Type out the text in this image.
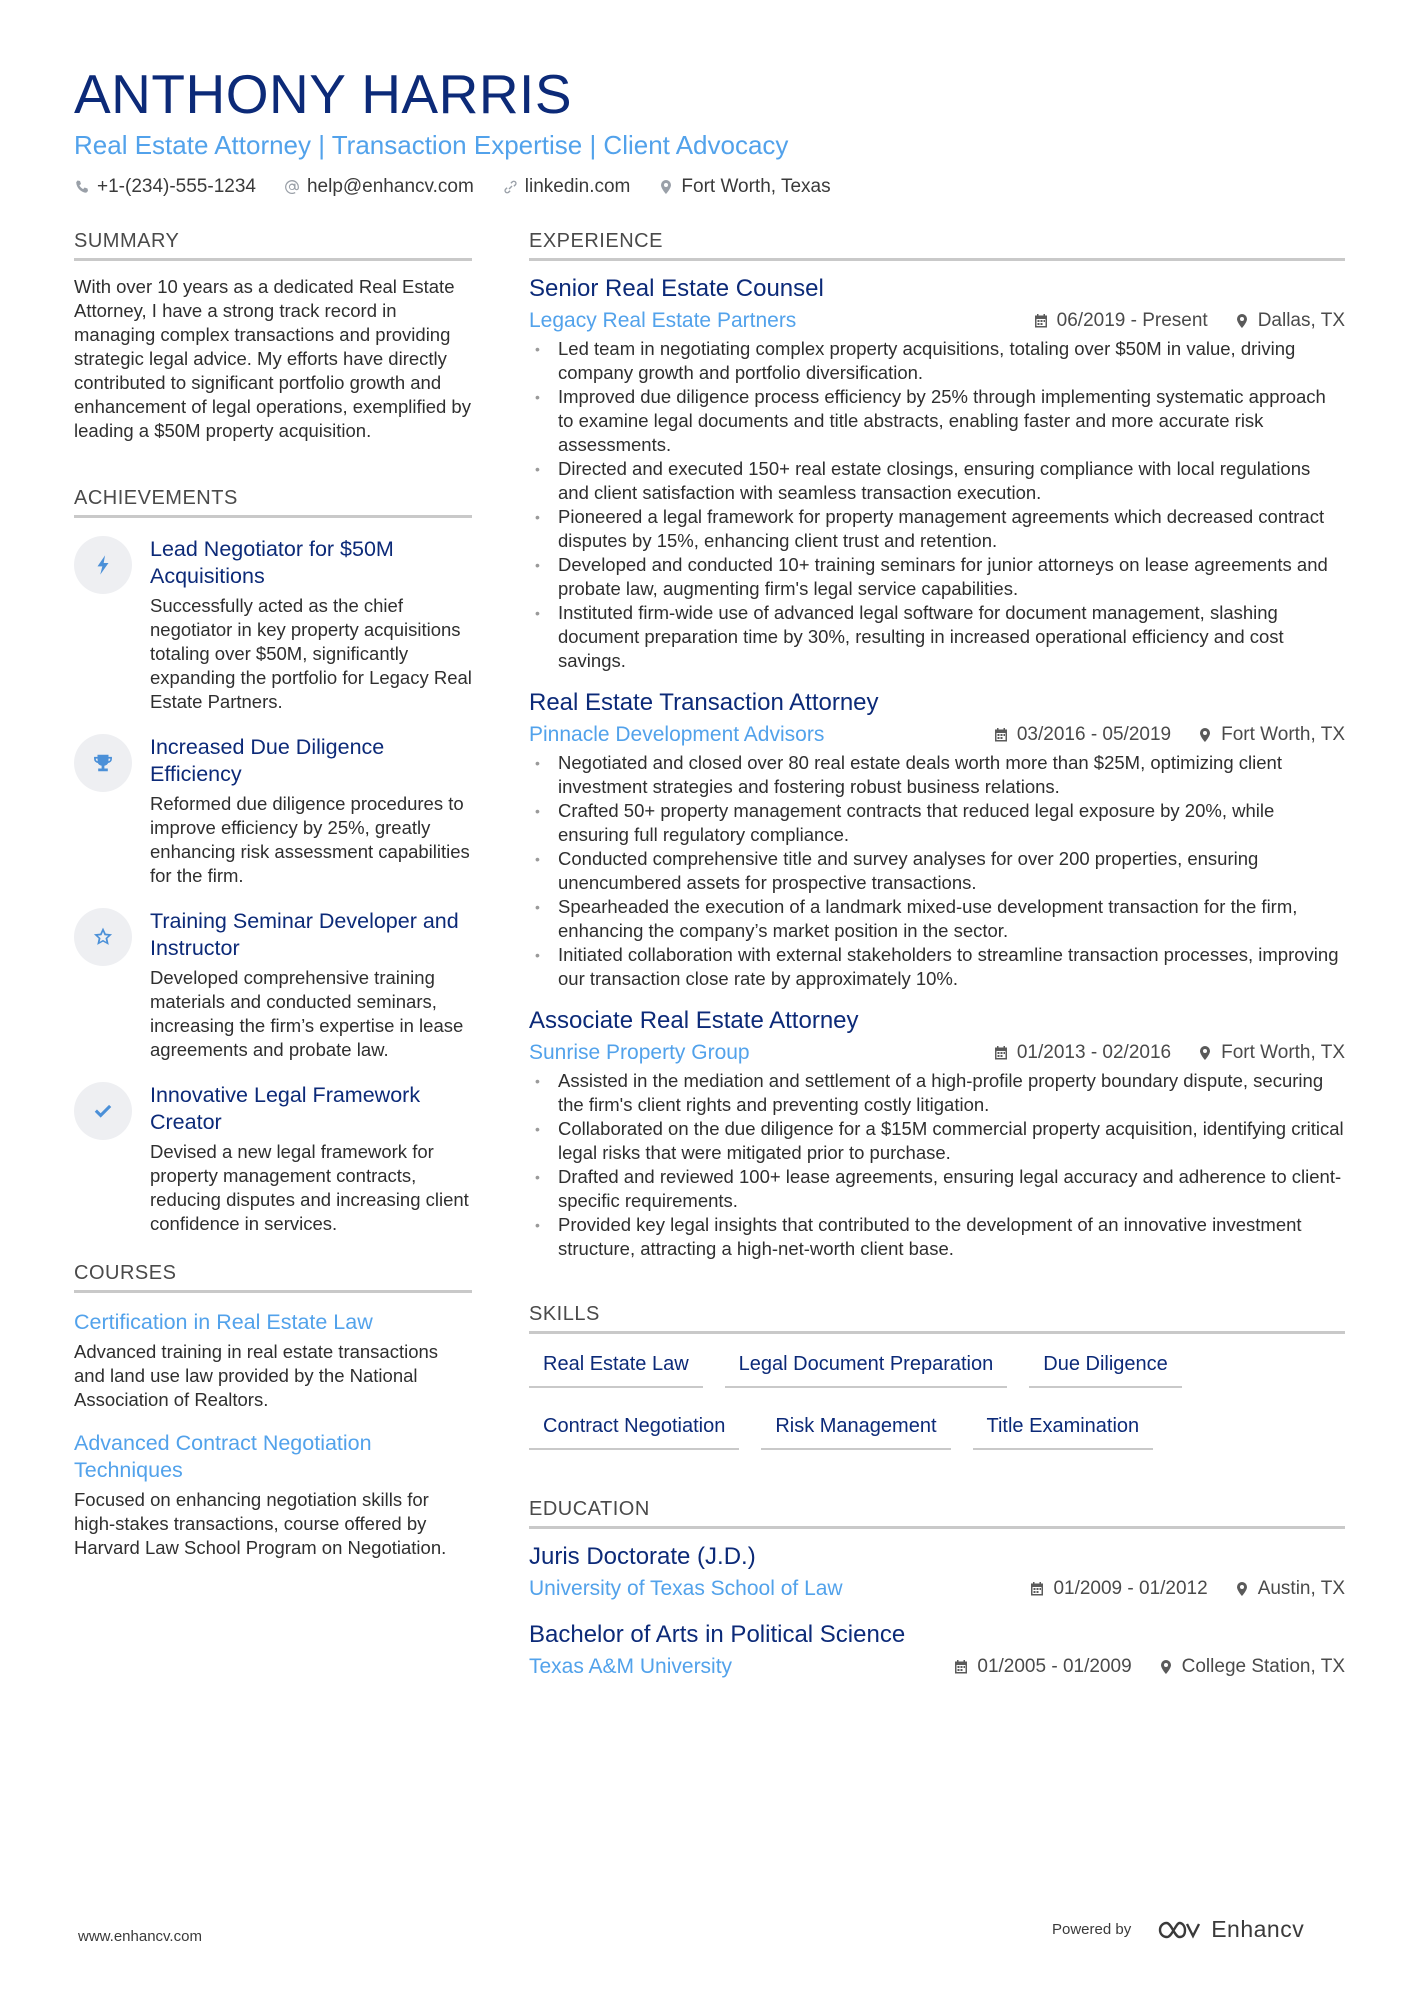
ANTHONY HARRIS
Real Estate Attorney | Transaction Expertise | Client Advocacy
+1-(234)-555-1234	help@enhancv.com	linkedin.com	Fort Worth, Texas
SUMMARY

With over 10 years as a dedicated Real Estate Attorney, I have a strong track record in managing complex transactions and providing strategic legal advice. My efforts have directly contributed to significant portfolio growth and enhancement of legal operations, exemplified by leading a $50M property acquisition.

ACHIEVEMENTS
Lead Negotiator for $50M Acquisitions
Successfully acted as the chief negotiator in key property acquisitions totaling over $50M, significantly expanding the portfolio for Legacy Real Estate Partners.
Increased Due Diligence Efficiency
Reformed due diligence procedures to improve efficiency by 25%, greatly enhancing risk assessment capabilities for the firm.
Training Seminar Developer and Instructor
Developed comprehensive training materials and conducted seminars, increasing the firm’s expertise in lease agreements and probate law.
Innovative Legal Framework Creator
Devised a new legal framework for property management contracts, reducing disputes and increasing client confidence in services.
COURSES
Certification in Real Estate Law
Advanced training in real estate transactions and land use law provided by the National Association of Realtors.
Advanced Contract Negotiation Techniques
Focused on enhancing negotiation skills for high-stakes transactions, course offered by Harvard Law School Program on Negotiation.
EXPERIENCE
Senior Real Estate Counsel
Legacy Real Estate Partners	06/2019 - Present	Dallas, TX
• Led team in negotiating complex property acquisitions, totaling over $50M in value, driving company growth and portfolio diversification.
• Improved due diligence process efficiency by 25% through implementing systematic approach to examine legal documents and title abstracts, enabling faster and more accurate risk assessments.
• Directed and executed 150+ real estate closings, ensuring compliance with local regulations and client satisfaction with seamless transaction execution.
• Pioneered a legal framework for property management agreements which decreased contract disputes by 15%, enhancing client trust and retention.
• Developed and conducted 10+ training seminars for junior attorneys on lease agreements and probate law, augmenting firm's legal service capabilities.
• Instituted firm-wide use of advanced legal software for document management, slashing document preparation time by 30%, resulting in increased operational efficiency and cost savings.
Real Estate Transaction Attorney
Pinnacle Development Advisors	03/2016 - 05/2019	Fort Worth, TX
• Negotiated and closed over 80 real estate deals worth more than $25M, optimizing client investment strategies and fostering robust business relations.
• Crafted 50+ property management contracts that reduced legal exposure by 20%, while ensuring full regulatory compliance.
• Conducted comprehensive title and survey analyses for over 200 properties, ensuring unencumbered assets for prospective transactions.
• Spearheaded the execution of a landmark mixed-use development transaction for the firm, enhancing the company’s market position in the sector.
• Initiated collaboration with external stakeholders to streamline transaction processes, improving our transaction close rate by approximately 10%.
Associate Real Estate Attorney
Sunrise Property Group	01/2013 - 02/2016	Fort Worth, TX
• Assisted in the mediation and settlement of a high-profile property boundary dispute, securing the firm's client rights and preventing costly litigation.
• Collaborated on the due diligence for a $15M commercial property acquisition, identifying critical legal risks that were mitigated prior to purchase.
• Drafted and reviewed 100+ lease agreements, ensuring legal accuracy and adherence to client-specific requirements.
• Provided key legal insights that contributed to the development of an innovative investment structure, attracting a high-net-worth client base.
SKILLS
Real Estate Law	Legal Document Preparation	Due Diligence
Contract Negotiation	Risk Management	Title Examination
EDUCATION
Juris Doctorate (J.D.)
University of Texas School of Law	01/2009 - 01/2012	Austin, TX
Bachelor of Arts in Political Science
Texas A&M University	01/2005 - 01/2009	College Station, TX
www.enhancv.com	Powered by	Enhancv
